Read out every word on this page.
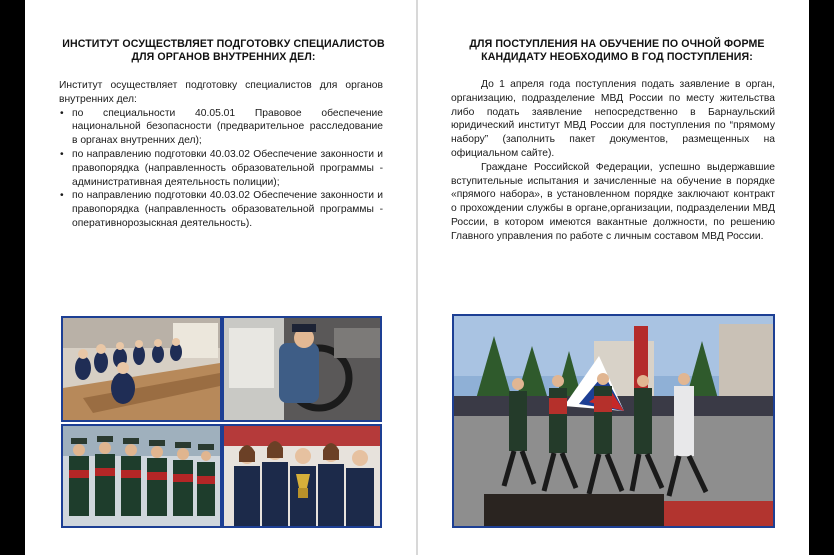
ИНСТИТУТ ОСУЩЕСТВЛЯЕТ ПОДГОТОВКУ СПЕЦИАЛИСТОВ
ДЛЯ ОРГАНОВ ВНУТРЕННИХ ДЕЛ:

Институт осуществляет подготовку специалистов для органов внутренних дел:

• по специальности 40.05.01 Правовое обеспечение национальной безопасности (предварительное расследование в органах внутренних дел);
• по направлению подготовки 40.03.02 Обеспечение законности и правопорядка (направленность образовательной программы - административная деятельность полиции);
• по направлению подготовки 40.03.02 Обеспечение законности и правопорядка (направленность образовательной программы - оперативнорозыскная деятельность).
ДЛЯ ПОСТУПЛЕНИЯ НА ОБУЧЕНИЕ ПО ОЧНОЙ ФОРМЕ
КАНДИДАТУ НЕОБХОДИМО В ГОД ПОСТУПЛЕНИЯ:

До 1 апреля года поступления подать заявление в орган, организацию, подразделение МВД России по месту жительства либо подать заявление непосредственно в Барнаульский юридический институт МВД России для поступления по “прямому набору” (заполнить пакет документов, размещенных на официальном сайте).

Граждане Российской Федерации, успешно выдержавшие вступительные испытания и зачисленные на обучение в порядке «прямого набора», в установленном порядке заключают контракт о прохождении службы в органе,организации, подразделении МВД России, в котором имеются вакантные должности, по решению Главного управления по работе с личным составом МВД России.
